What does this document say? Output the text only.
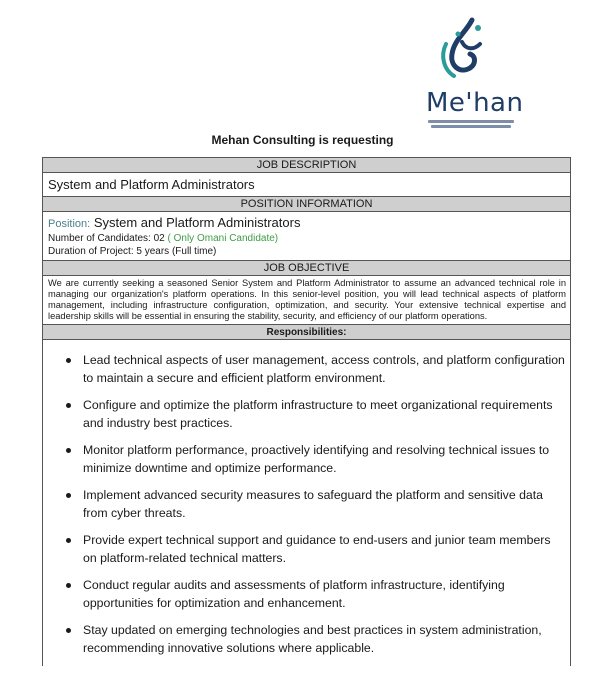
Me'han
Mehan Consulting is requesting
JOB DESCRIPTION
System and Platform Administrators
POSITION INFORMATION
Position: System and Platform Administrators
Number of Candidates: 02 ( Only Omani Candidate)
Duration of Project: 5 years (Full time)
JOB OBJECTIVE
We are currently seeking a seasoned Senior System and Platform Administrator to assume an advanced technical role in managing our organization's platform operations. In this senior-level position, you will lead technical aspects of platform management, including infrastructure configuration, optimization, and security. Your extensive technical expertise and leadership skills will be essential in ensuring the stability, security, and efficiency of our platform operations.
Responsibilities:
Lead technical aspects of user management, access controls, and platform configuration to maintain a secure and efficient platform environment.
Configure and optimize the platform infrastructure to meet organizational requirements and industry best practices.
Monitor platform performance, proactively identifying and resolving technical issues to minimize downtime and optimize performance.
Implement advanced security measures to safeguard the platform and sensitive data from cyber threats.
Provide expert technical support and guidance to end-users and junior team members on platform-related technical matters.
Conduct regular audits and assessments of platform infrastructure, identifying opportunities for optimization and enhancement.
Stay updated on emerging technologies and best practices in system administration, recommending innovative solutions where applicable.
